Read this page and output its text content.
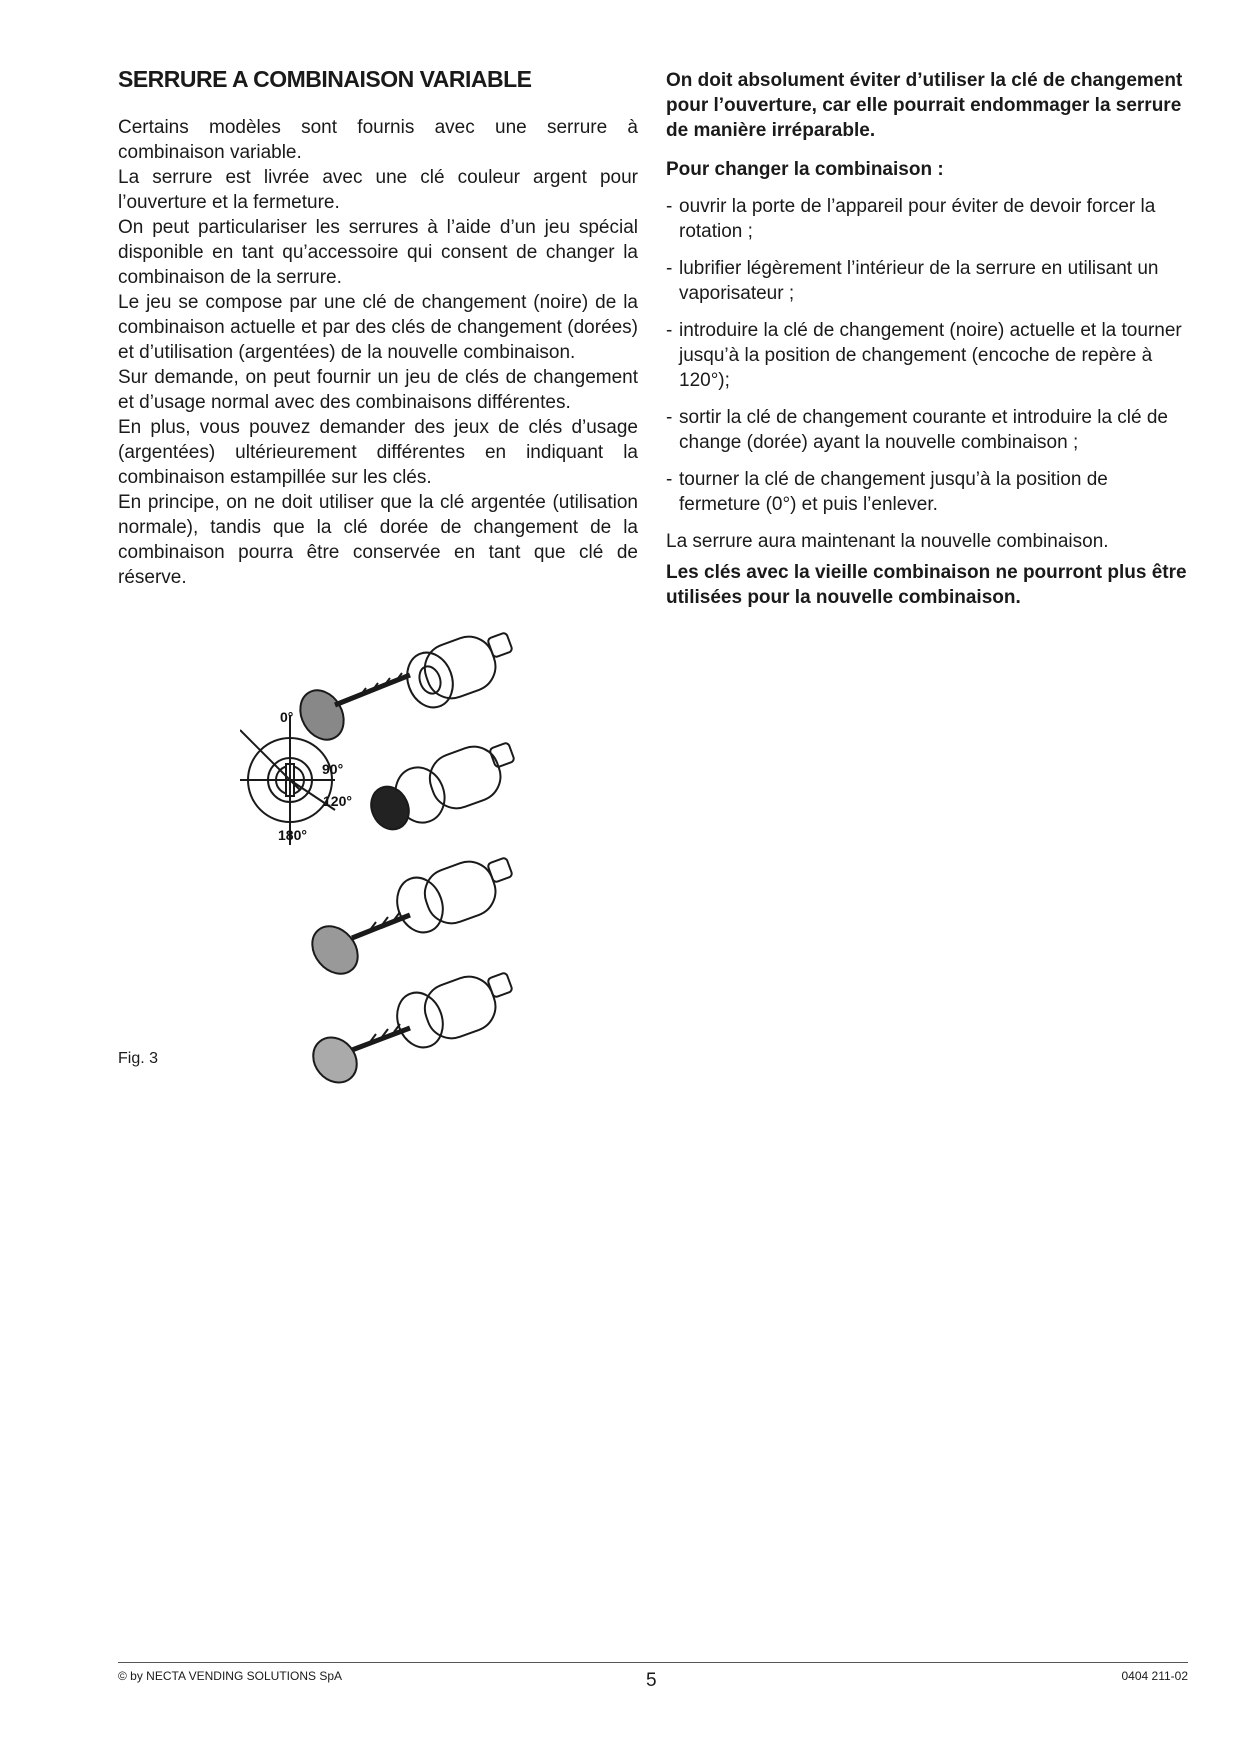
SERRURE A COMBINAISON VARIABLE

Certains modèles sont fournis avec une serrure à combinaison variable.

La serrure est livrée avec une clé couleur argent pour l’ouverture et la fermeture.

On peut particulariser les serrures à l’aide d’un jeu spécial disponible en tant qu’accessoire qui consent de changer la combinaison de la serrure.

Le jeu se compose par une clé de changement (noire) de la combinaison actuelle et par des clés de changement (dorées) et d’utilisation (argentées) de la nouvelle combinaison.

Sur demande, on peut fournir un jeu de clés de changement et d’usage normal avec des combinaisons différentes.

En plus, vous pouvez demander des jeux de clés d’usage (argentées) ultérieurement différentes en indiquant la combinaison estampillée sur les clés.

En principe, on ne doit utiliser que la clé argentée (utilisation normale), tandis que la clé dorée de changement de la combinaison pourra être conservée en tant que clé de réserve.

On doit absolument éviter d’utiliser la clé de changement pour l’ouverture, car elle pourrait endommager la serrure de manière irréparable.

Pour changer la combinaison :

- ouvrir la porte de l’appareil pour éviter de devoir forcer la rotation ;
- lubrifier légèrement l’intérieur de la serrure en utilisant un vaporisateur ;
- introduire la clé de changement (noire) actuelle et la tourner jusqu’à la position de changement (encoche de repère à 120°);
- sortir la clé de changement courante et introduire la clé de change (dorée) ayant la nouvelle combinaison ;
- tourner la clé de changement jusqu’à la position de fermeture (0°) et puis l’enlever.

La serrure aura maintenant la nouvelle combinaison.

Les clés avec la vieille combinaison ne pourront plus être utilisées pour la nouvelle combinaison.

0°
90°
120°
180°
Fig. 3
© by NECTA VENDING SOLUTIONS SpA	5	0404 211-02
